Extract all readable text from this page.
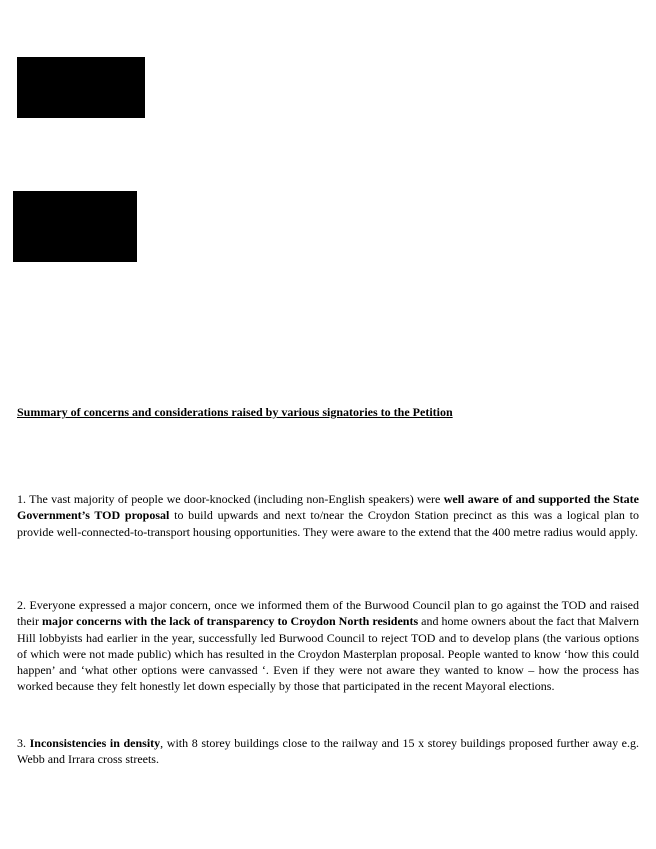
Summary of concerns and considerations raised by various signatories to the Petition

1. The vast majority of people we door-knocked (including non-English speakers) were well aware of and supported the State Government’s TOD proposal to build upwards and next to/near the Croydon Station precinct as this was a logical plan to provide well-connected-to-transport housing opportunities. They were aware to the extend that the 400 metre radius would apply.

2. Everyone expressed a major concern, once we informed them of the Burwood Council plan to go against the TOD and raised their major concerns with the lack of transparency to Croydon North residents and home owners about the fact that Malvern Hill lobbyists had earlier in the year, successfully led Burwood Council to reject TOD and to develop plans (the various options of which were not made public) which has resulted in the Croydon Masterplan proposal. People wanted to know ‘how this could happen’ and ‘what other options were canvassed ‘. Even if they were not aware they wanted to know – how the process has worked because they felt honestly let down especially by those that participated in the recent Mayoral elections.

3. Inconsistencies in density, with 8 storey buildings close to the railway and 15 x storey buildings proposed further away e.g. Webb and Irrara cross streets.
